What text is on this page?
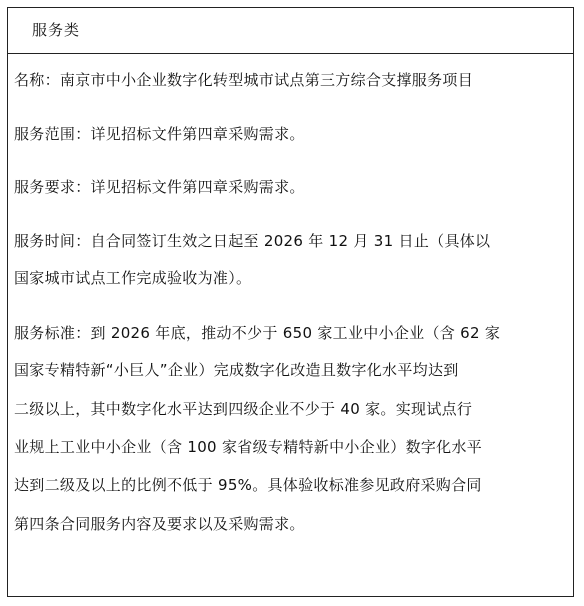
服务类
名称：南京市中小企业数字化转型城市试点第三方综合支撑服务项目
服务范围：详见招标文件第四章采购需求。
服务要求：详见招标文件第四章采购需求。
服务时间：自合同签订生效之日起至 2026 年 12 月 31 日止（具体以
国家城市试点工作完成验收为准）。
服务标准：到 2026 年底，推动不少于 650 家工业中小企业（含 62 家
国家专精特新“小巨人”企业）完成数字化改造且数字化水平均达到
二级以上，其中数字化水平达到四级企业不少于 40 家。实现试点行
业规上工业中小企业（含 100 家省级专精特新中小企业）数字化水平
达到二级及以上的比例不低于 95%。具体验收标准参见政府采购合同
第四条合同服务内容及要求以及采购需求。
